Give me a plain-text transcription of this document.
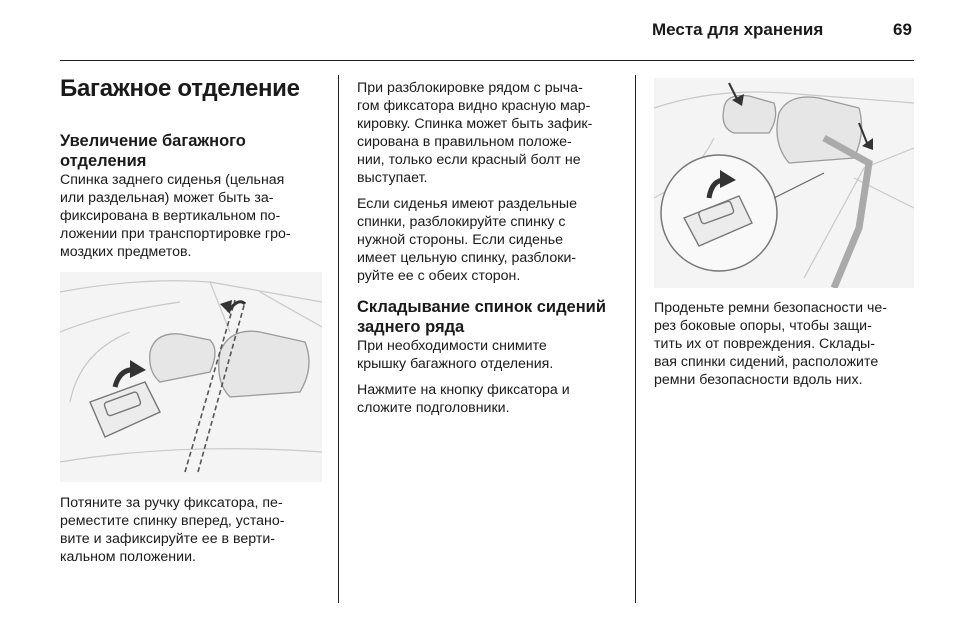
Места для хранения	69
Багажное отделение
Увеличение багажного
отделения

Спинка заднего сиденья (цельная
или раздельная) может быть за-
фиксирована в вертикальном по-
ложении при транспортировке гро-
моздких предметов.

Потяните за ручку фиксатора, пе-
реместите спинку вперед, устано-
вите и зафиксируйте ее в верти-
кальном положении.

При разблокировке рядом с рыча-
гом фиксатора видно красную мар-
кировку. Спинка может быть зафик-
сирована в правильном положе-
нии, только если красный болт не
выступает.

Если сиденья имеют раздельные
спинки, разблокируйте спинку с
нужной стороны. Если сиденье
имеет цельную спинку, разблоки-
руйте ее с обеих сторон.

Складывание спинок сидений
заднего ряда

При необходимости снимите
крышку багажного отделения.

Нажмите на кнопку фиксатора и
сложите подголовники.

Проденьте ремни безопасности че-
рез боковые опоры, чтобы защи-
тить их от повреждения. Склады-
вая спинки сидений, расположите
ремни безопасности вдоль них.
